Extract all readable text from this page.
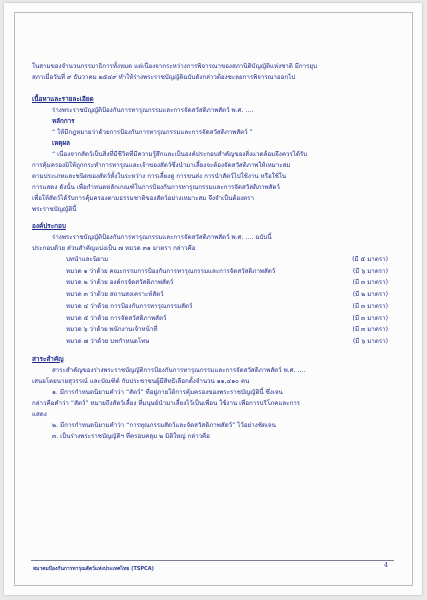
ในสามของจำนวนกรรมาธิการทั้งหมด แต่เนื่องจากระหว่างการพิจารณาของสภานิติบัญญัติแห่งชาติ มีการยุบ
สภาเมื่อวันที่ ๙ ธันวาคม ๒๕๔๙ ทำให้ร่างพระราชบัญญัติฉบับดังกล่าวต้องชะลอการพิจารณาออกไป
เนื้อหาและรายละเอียด
ร่างพระราชบัญญัติป้องกันการทารุณกรรมและการจัดสวัสดิภาพสัตว์ พ.ศ. ....
หลักการ
“ ให้มีกฎหมายว่าด้วยการป้องกันการทารุณกรรมและการจัดสวัสดิภาพสัตว์ ”
เหตุผล
“ เนื่องจากสัตว์เป็นสิ่งที่มีชีวิตที่มีความรู้สึกและเป็นองค์ประกอบสำคัญของสิ่งแวดล้อมจึงควรได้รับ
การคุ้มครองมิให้ถูกกระทำการทารุณและเจ้าของสัตว์ซึ่งนำมาเลี้ยงจะต้องจัดสวัสดิภาพให้เหมาะสม
ตามประเภทและชนิดของสัตว์ทั้งในระหว่าง การเลี้ยงดู การขนส่ง การนำสัตว์ไปใช้งาน หรือใช้ใน
การแสดง ดังนั้น เพื่อกำหนดหลักเกณฑ์ในการป้องกันการทารุณกรรมและการจัดสวัสดิภาพสัตว์
เพื่อให้สัตว์ได้รับการคุ้มครองตามธรรมชาติของสัตว์อย่างเหมาะสม จึงจำเป็นต้องตรา
พระราชบัญญัตินี้
องค์ประกอบ
ร่างพระราชบัญญัติป้องกันการทารุณกรรมและการจัดสวัสดิภาพสัตว์ พ.ศ. .... ฉบับนี้
ประกอบด้วย ส่วนสำคัญแบ่งเป็น ๗ หมวด ๓๑ มาตรา กล่าวคือ
บทนำและนิยาม	(มี ๕ มาตรา)
หมวด ๑ ว่าด้วย คณะกรรมการป้องกันการทารุณกรรมและการจัดสวัสดิภาพสัตว์	(มี ๖ มาตรา)
หมวด ๒ ว่าด้วย องค์กรจัดสวัสดิภาพสัตว์	(มี ๓ มาตรา)
หมวด ๓ ว่าด้วย สถานสงเคราะห์สัตว์	(มี ๒ มาตรา)
หมวด ๔ ว่าด้วย การป้องกันการทารุณกรรมสัตว์	(มี ๓ มาตรา)
หมวด ๕ ว่าด้วย การจัดสวัสดิภาพสัตว์	(มี ๓ มาตรา)
หมวด ๖ ว่าด้วย พนักงานเจ้าหน้าที่	(มี ๓ มาตรา)
หมวด ๗ ว่าด้วย บทกำหนดโทษ	(มี ๖ มาตรา)
สาระสำคัญ
สาระสำคัญของร่างพระราชบัญญัติการป้องกันการทารุณกรรมและการจัดสวัสดิภาพสัตว์ พ.ศ. ....
เสนอโดยนายสุวรรณ์ และบัณฑิต์ กับประชาชนผู้มีสิทธิเลือกตั้งจำนวน ๑๑,๔๑๐ คน
๑. มีการกำหนดนิยามคำว่า “สัตว์” ที่อยู่ภายใต้การคุ้มครองของพระราชบัญญัตินี้ ซึ่งเจน
กล่าวคือคำว่า “สัตว์” หมายถึงสัตว์เลี้ยง ที่มนุษย์นำมาเลี้ยงไว้เป็นเพื่อน ใช้งาน เพื่อการบริโภคและการ
แสดง
๒. มีการกำหนดนิยามคำว่า “การทุณกรรมสัตว์และจัดสวัสดิภาพสัตว์” ไว้อย่างชัดเจน
๓. เป็นร่างพระราชบัญญัติฯ ที่ครอบคลุม ๒ มิติใหญ่ กล่าวคือ
สมาคมป้องกันการทารุณสัตว์แห่งประเทศไทย (TSPCA)	4
